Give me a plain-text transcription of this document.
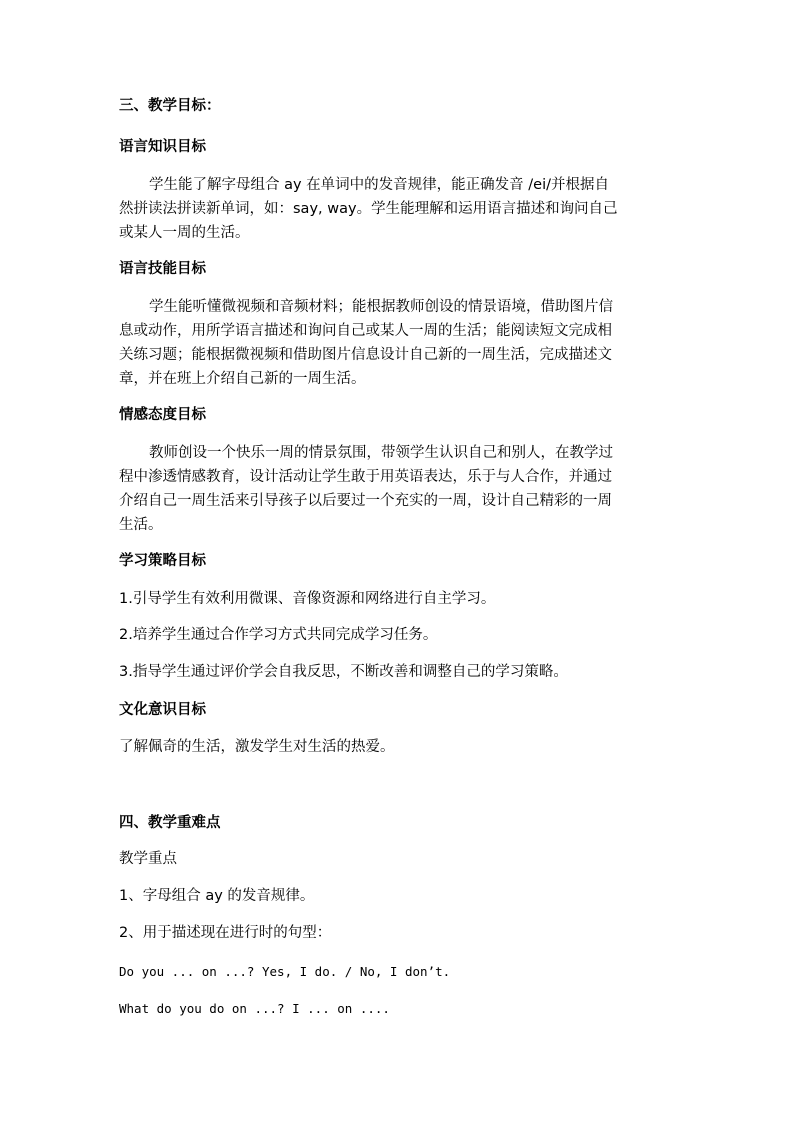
三、教学目标：
语言知识目标
学生能了解字母组合 ay 在单词中的发音规律，能正确发音 /ei/并根据自
然拼读法拼读新单词，如：say, way。学生能理解和运用语言描述和询问自己
或某人一周的生活。
语言技能目标
学生能听懂微视频和音频材料；能根据教师创设的情景语境，借助图片信
息或动作，用所学语言描述和询问自己或某人一周的生活；能阅读短文完成相
关练习题；能根据微视频和借助图片信息设计自己新的一周生活，完成描述文
章，并在班上介绍自己新的一周生活。
情感态度目标
教师创设一个快乐一周的情景氛围，带领学生认识自己和别人，在教学过
程中渗透情感教育，设计活动让学生敢于用英语表达，乐于与人合作，并通过
介绍自己一周生活来引导孩子以后要过一个充实的一周，设计自己精彩的一周
生活。
学习策略目标
1.引导学生有效利用微课、音像资源和网络进行自主学习。
2.培养学生通过合作学习方式共同完成学习任务。
3.指导学生通过评价学会自我反思，不断改善和调整自己的学习策略。
文化意识目标
了解佩奇的生活，激发学生对生活的热爱。
四、教学重难点
教学重点
1、字母组合 ay 的发音规律。
2、用于描述现在进行时的句型：
Do you ... on ...? Yes, I do. / No, I don’t.
What do you do on ...? I ... on ....
